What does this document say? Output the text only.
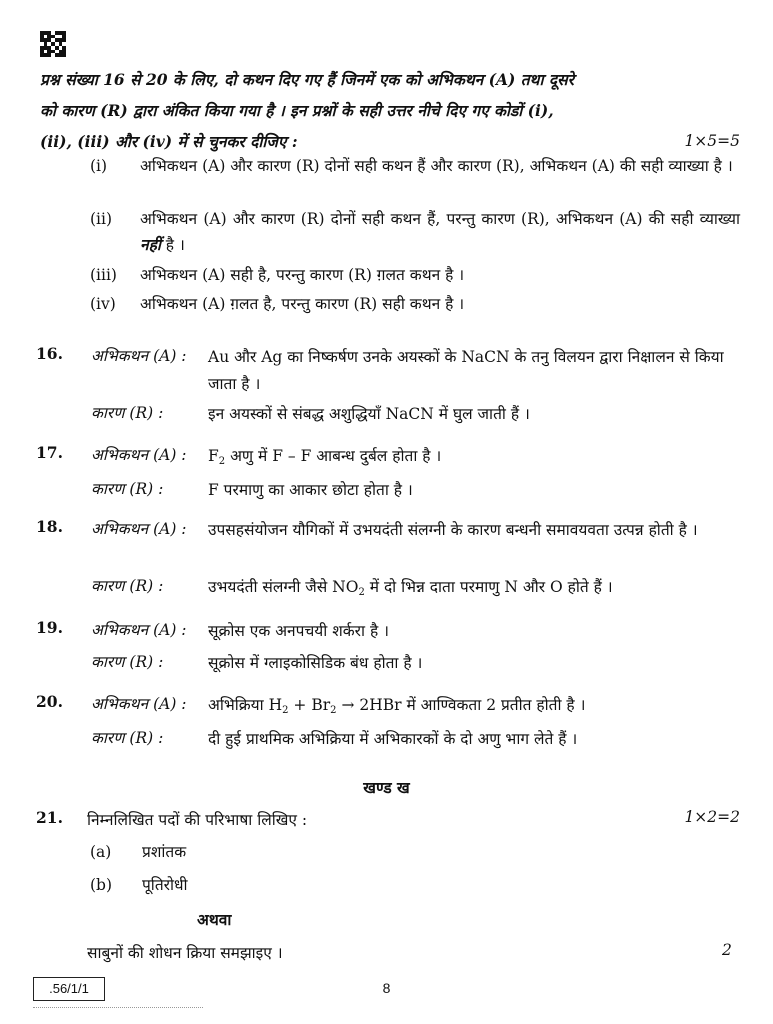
प्रश्न संख्या 16 से 20 के लिए, दो कथन दिए गए हैं जिनमें एक को अभिकथन (A) तथा दूसरे
को कारण (R) द्वारा अंकित किया गया है । इन प्रश्नों के सही उत्तर नीचे दिए गए कोडों (i),
(ii), (iii) और (iv) में से चुनकर दीजिए :	1×5=5
(i) अभिकथन (A) और कारण (R) दोनों सही कथन हैं और कारण (R), अभिकथन (A) की सही व्याख्या है ।
(ii) अभिकथन (A) और कारण (R) दोनों सही कथन हैं, परन्तु कारण (R), अभिकथन (A) की सही व्याख्या नहीं है ।
(iii) अभिकथन (A) सही है, परन्तु कारण (R) ग़लत कथन है ।
(iv) अभिकथन (A) ग़लत है, परन्तु कारण (R) सही कथन है ।
16. अभिकथन (A) : Au और Ag का निष्कर्षण उनके अयस्कों के NaCN के तनु विलयन द्वारा निक्षालन से किया जाता है ।
कारण (R) :	इन अयस्कों से संबद्ध अशुद्धियाँ NaCN में घुल जाती हैं ।
17. अभिकथन (A) : $F_2$ अणु में F – F आबन्ध दुर्बल होता है ।
कारण (R) :	F परमाणु का आकार छोटा होता है ।
18. अभिकथन (A) : उपसहसंयोजन यौगिकों में उभयदंती संलग्नी के कारण बन्धनी समावयवता उत्पन्न होती है ।
कारण (R) :	उभयदंती संलग्नी जैसे $NO_2$ में दो भिन्न दाता परमाणु N और O होते हैं ।
19. अभिकथन (A) : सूक्रोस एक अनपचयी शर्करा है ।
कारण (R) :	सूक्रोस में ग्लाइकोसिडिक बंध होता है ।
20. अभिकथन (A) : अभिक्रिया $H_2 + Br_2 \to 2HBr$ में आण्विकता 2 प्रतीत होती है ।
कारण (R) :	दी हुई प्राथमिक अभिक्रिया में अभिकारकों के दो अणु भाग लेते हैं ।
खण्ड ख
21. निम्नलिखित पदों की परिभाषा लिखिए :	1×2=2
(a) प्रशांतक
(b) पूतिरोधी
अथवा
साबुनों की शोधन क्रिया समझाइए ।	2
.56/1/1	8
